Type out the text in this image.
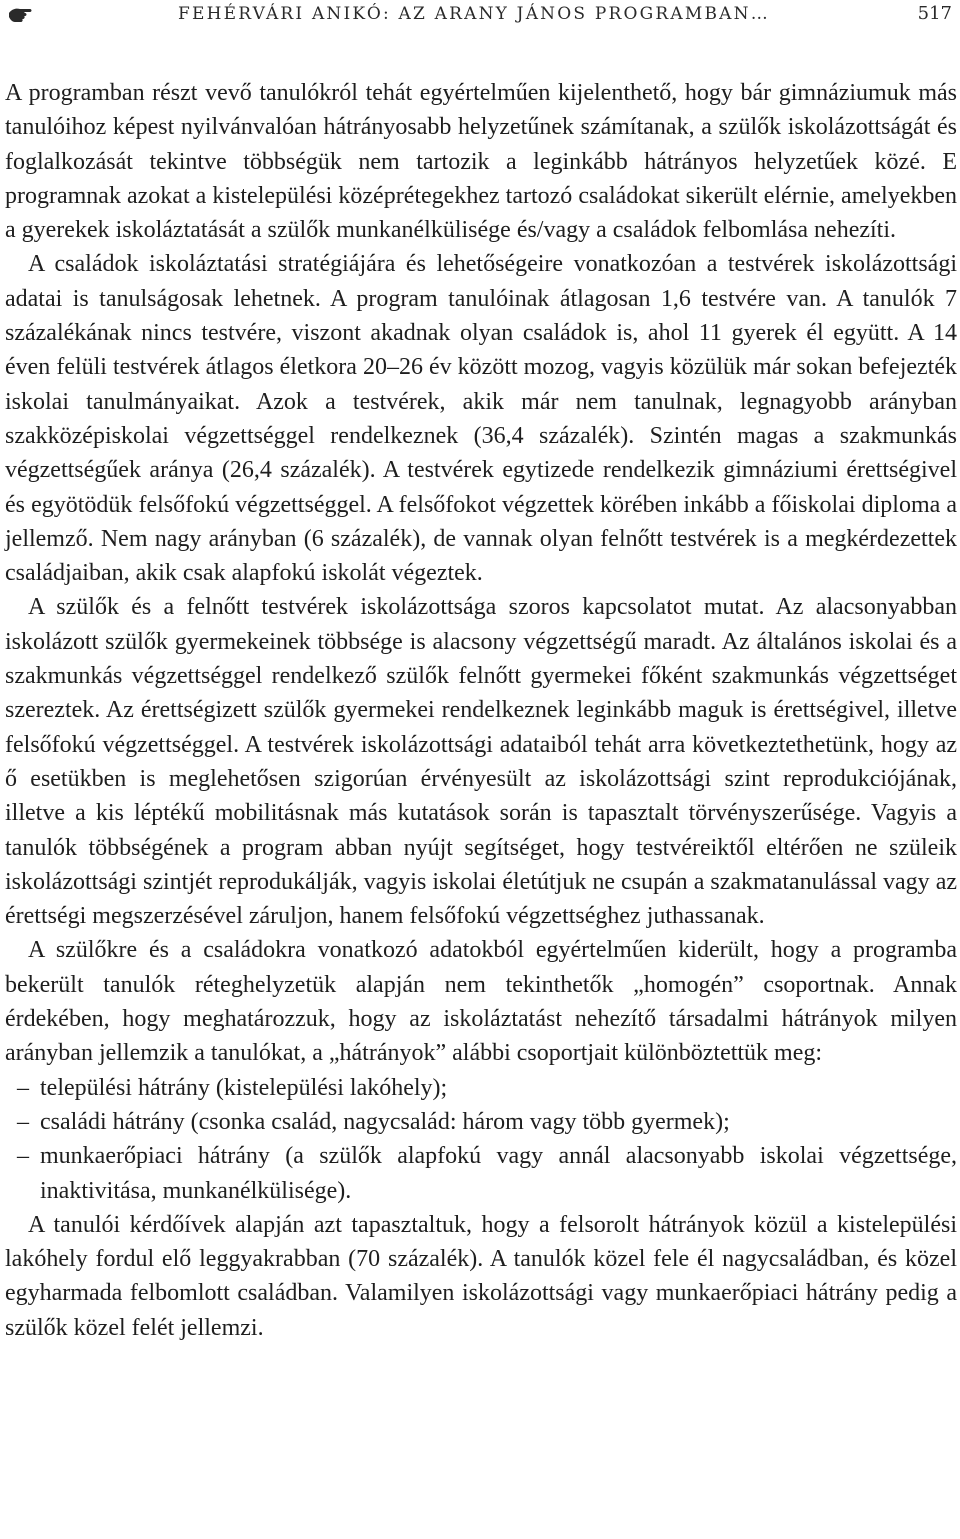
FEHÉRVÁRI ANIKÓ: AZ ARANY JÁNOS PROGRAMBAN…	517

A programban részt vevő tanulókról tehát egyértelműen kijelenthető, hogy bár gimnáziumuk más tanulóihoz képest nyilvánvalóan hátrányosabb helyzetűnek számítanak, a szülők iskolázottságát és foglalkozását tekintve többségük nem tartozik a leginkább hátrányos helyzetűek közé. E programnak azokat a kistelepülési középrétegekhez tartozó családokat sikerült elérnie, amelyekben a gyerekek iskoláztatását a szülők munkanélkülisége és/vagy a családok felbomlása nehezíti.

A családok iskoláztatási stratégiájára és lehetőségeire vonatkozóan a testvérek iskolázottsági adatai is tanulságosak lehetnek. A program tanulóinak átlagosan 1,6 testvére van. A tanulók 7 százalékának nincs testvére, viszont akadnak olyan családok is, ahol 11 gyerek él együtt. A 14 éven felüli testvérek átlagos életkora 20–26 év között mozog, vagyis közülük már sokan befejezték iskolai tanulmányaikat. Azok a testvérek, akik már nem tanulnak, legnagyobb arányban szakközépiskolai végzettséggel rendelkeznek (36,4 százalék). Szintén magas a szakmunkás végzettségűek aránya (26,4 százalék). A testvérek egytizede rendelkezik gimnáziumi érettségivel és egyötödük felsőfokú végzettséggel. A felsőfokot végzettek körében inkább a főiskolai diploma a jellemző. Nem nagy arányban (6 százalék), de vannak olyan felnőtt testvérek is a megkérdezettek családjaiban, akik csak alapfokú iskolát végeztek.

A szülők és a felnőtt testvérek iskolázottsága szoros kapcsolatot mutat. Az alacsonyabban iskolázott szülők gyermekeinek többsége is alacsony végzettségű maradt. Az általános iskolai és a szakmunkás végzettséggel rendelkező szülők felnőtt gyermekei főként szakmunkás végzettséget szereztek. Az érettségizett szülők gyermekei rendelkeznek leginkább maguk is érettségivel, illetve felsőfokú végzettséggel. A testvérek iskolázottsági adataiból tehát arra következtethetünk, hogy az ő esetükben is meglehetősen szigorúan érvényesült az iskolázottsági szint reprodukciójának, illetve a kis léptékű mobilitásnak más kutatások során is tapasztalt törvényszerűsége. Vagyis a tanulók többségének a program abban nyújt segítséget, hogy testvéreiktől eltérően ne szüleik iskolázottsági szintjét reprodukálják, vagyis iskolai életútjuk ne csupán a szakmatanulással vagy az érettségi megszerzésével záruljon, hanem felsőfokú végzettséghez juthassanak.

A szülőkre és a családokra vonatkozó adatokból egyértelműen kiderült, hogy a programba bekerült tanulók réteghelyzetük alapján nem tekinthetők „homogén” csoportnak. Annak érdekében, hogy meghatározzuk, hogy az iskoláztatást nehezítő társadalmi hátrányok milyen arányban jellemzik a tanulókat, a „hátrányok” alábbi csoportjait különböztettük meg:

– települési hátrány (kistelepülési lakóhely);
– családi hátrány (csonka család, nagycsalád: három vagy több gyermek);
– munkaerőpiaci hátrány (a szülők alapfokú vagy annál alacsonyabb iskolai végzettsége, inaktivitása, munkanélkülisége).

A tanulói kérdőívek alapján azt tapasztaltuk, hogy a felsorolt hátrányok közül a kistelepülési lakóhely fordul elő leggyakrabban (70 százalék). A tanulók közel fele él nagycsaládban, és közel egyharmada felbomlott családban. Valamilyen iskolázottsági vagy munkaerőpiaci hátrány pedig a szülők közel felét jellemzi.
